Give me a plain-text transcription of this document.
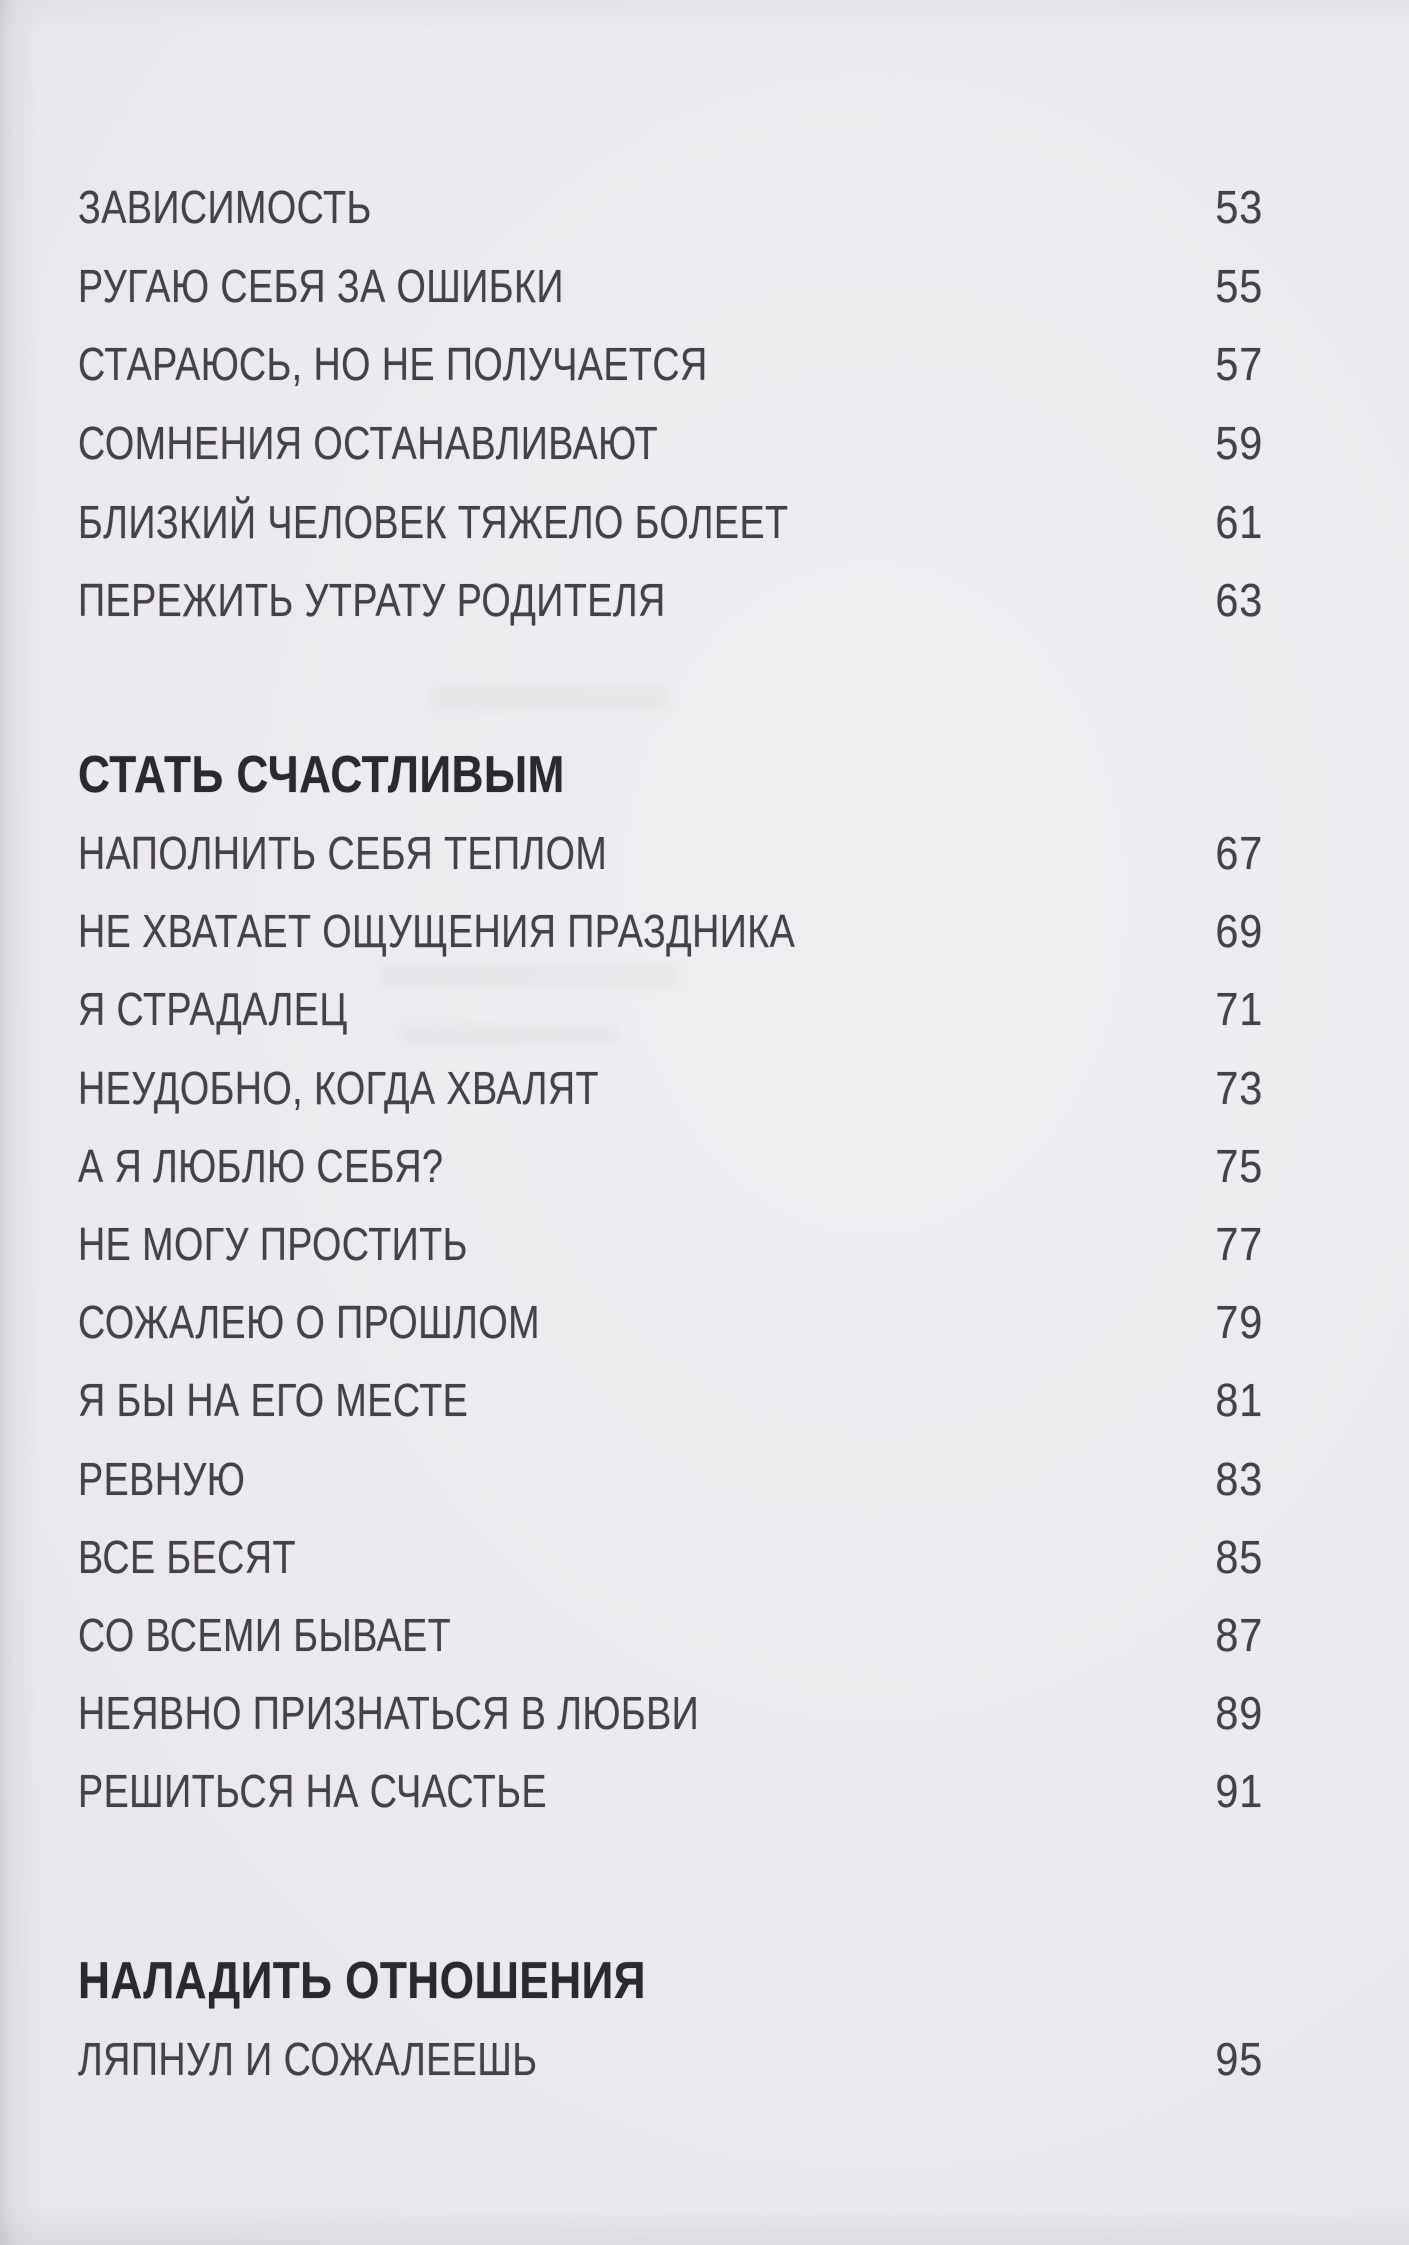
ЗАВИСИМОСТЬ	53
РУГАЮ СЕБЯ ЗА ОШИБКИ	55
СТАРАЮСЬ, НО НЕ ПОЛУЧАЕТСЯ	57
СОМНЕНИЯ ОСТАНАВЛИВАЮТ	59
БЛИЗКИЙ ЧЕЛОВЕК ТЯЖЕЛО БОЛЕЕТ	61
ПЕРЕЖИТЬ УТРАТУ РОДИТЕЛЯ	63
СТАТЬ СЧАСТЛИВЫМ
НАПОЛНИТЬ СЕБЯ ТЕПЛОМ	67
НЕ ХВАТАЕТ ОЩУЩЕНИЯ ПРАЗДНИКА	69
Я СТРАДАЛЕЦ	71
НЕУДОБНО, КОГДА ХВАЛЯТ	73
А Я ЛЮБЛЮ СЕБЯ?	75
НЕ МОГУ ПРОСТИТЬ	77
СОЖАЛЕЮ О ПРОШЛОМ	79
Я БЫ НА ЕГО МЕСТЕ	81
РЕВНУЮ	83
ВСЕ БЕСЯТ	85
СО ВСЕМИ БЫВАЕТ	87
НЕЯВНО ПРИЗНАТЬСЯ В ЛЮБВИ	89
РЕШИТЬСЯ НА СЧАСТЬЕ	91
НАЛАДИТЬ ОТНОШЕНИЯ
ЛЯПНУЛ И СОЖАЛЕЕШЬ	95
